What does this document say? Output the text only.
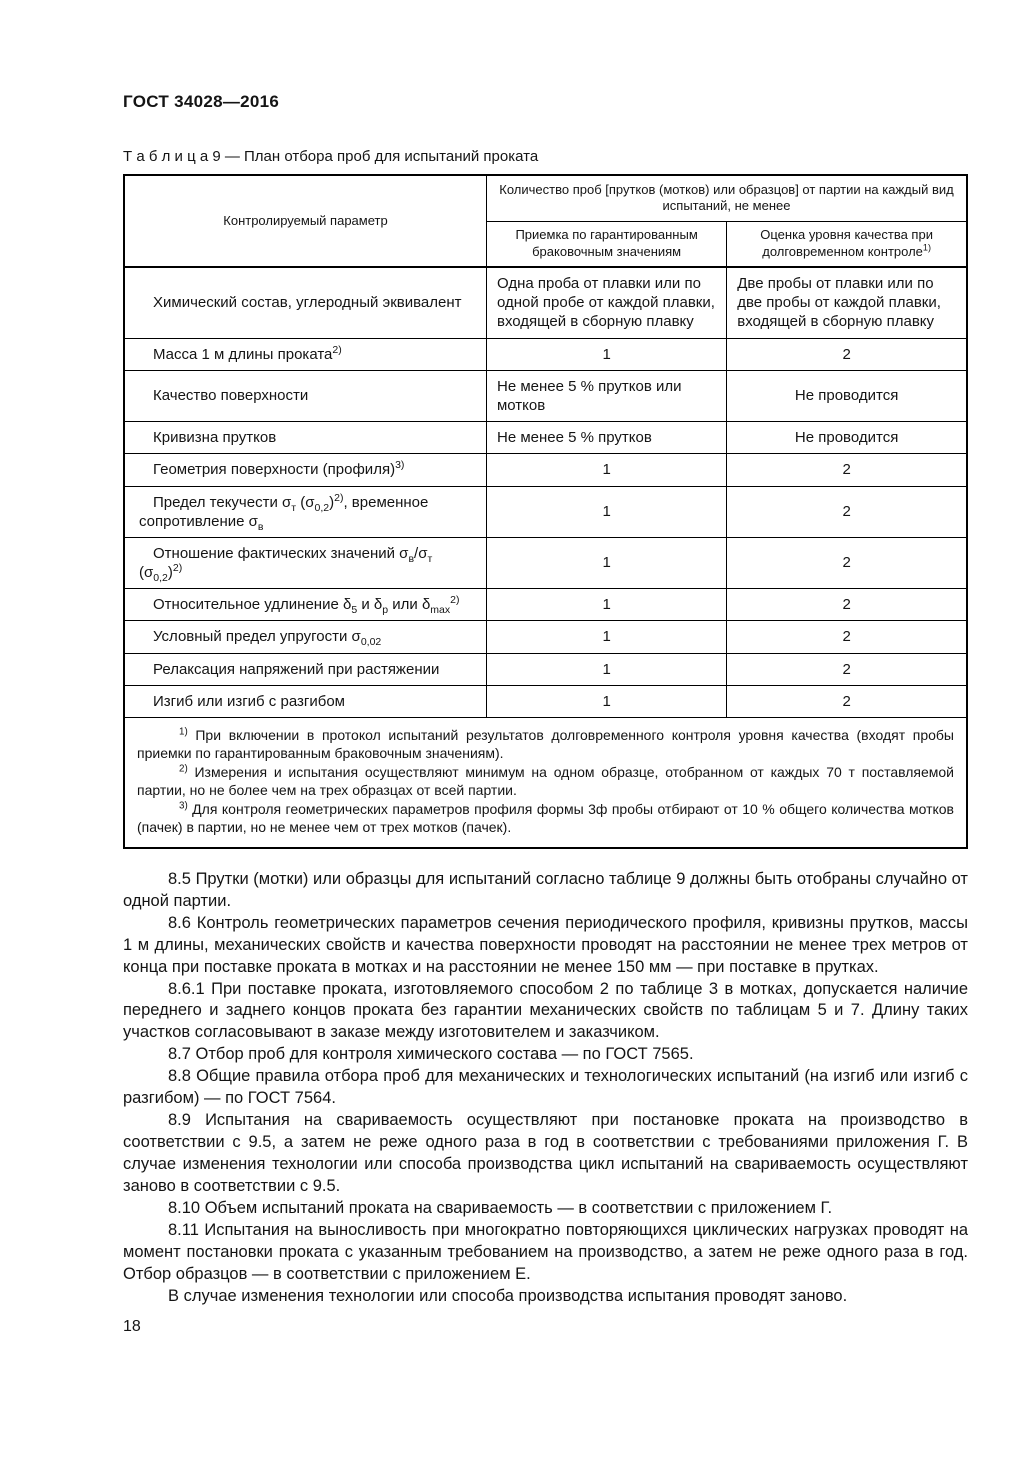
ГОСТ 34028—2016
Т а б л и ц а 9 — План отбора проб для испытаний проката
Контролируемый параметр	Количество проб [прутков (мотков) или образцов] от партии на каждый вид испытаний, не менее	
	Приемка по гарантированным браковочным значениям	Оценка уровня качества при долговременном контроле$^{1)}$
Химический состав, углеродный эквивалент	Одна проба от плавки или по одной пробе от каждой плавки, входящей в сборную плавку	Две пробы от плавки или по две пробы от каждой плавки, входящей в сборную плавку
Масса 1 м длины проката$^{2)}$	1	2
Качество поверхности	Не менее 5 % прутков или мотков	Не проводится
Кривизна прутков	Не менее 5 % прутков	Не проводится
Геометрия поверхности (профиля)$^{3)}$	1	2
Предел текучести $\sigma_т$ $(\sigma_{0,2})^{2)}$, временное сопротивление $\sigma_в$	1	2
Отношение фактических значений $\sigma_в/\sigma_т$ $(\sigma_{0,2})^{2)}$	1	2
Относительное удлинение $\delta_5$ и $\delta_р$ или $\delta_{max}^{2)}$	1	2
Условный предел упругости $\sigma_{0,02}$	1	2
Релаксация напряжений при растяжении	1	2
Изгиб или изгиб с разгибом	1	2

$^{1)}$ При включении в протокол испытаний результатов долговременного контроля уровня качества (входят пробы приемки по гарантированным браковочным значениям).

$^{2)}$ Измерения и испытания осуществляют минимум на одном образце, отобранном от каждых 70 т поставляемой партии, но не более чем на трех образцах от всей партии.

$^{3)}$ Для контроля геометрических параметров профиля формы 3ф пробы отбирают от 10 % общего количества мотков (пачек) в партии, но не менее чем от трех мотков (пачек).		

8.5 Прутки (мотки) или образцы для испытаний согласно таблице 9 должны быть отобраны случайно от одной партии.

8.6 Контроль геометрических параметров сечения периодического профиля, кривизны прутков, массы 1 м длины, механических свойств и качества поверхности проводят на расстоянии не менее трех метров от конца при поставке проката в мотках и на расстоянии не менее 150 мм — при поставке в прутках.

8.6.1 При поставке проката, изготовляемого способом 2 по таблице 3 в мотках, допускается наличие переднего и заднего концов проката без гарантии механических свойств по таблицам 5 и 7. Длину таких участков согласовывают в заказе между изготовителем и заказчиком.

8.7 Отбор проб для контроля химического состава — по ГОСТ 7565.

8.8 Общие правила отбора проб для механических и технологических испытаний (на изгиб или изгиб с разгибом) — по ГОСТ 7564.

8.9 Испытания на свариваемость осуществляют при постановке проката на производство в соответствии с 9.5, а затем не реже одного раза в год в соответствии с требованиями приложения Г. В случае изменения технологии или способа производства цикл испытаний на свариваемость осуществляют заново в соответствии с 9.5.

8.10 Объем испытаний проката на свариваемость — в соответствии с приложением Г.

8.11 Испытания на выносливость при многократно повторяющихся циклических нагрузках проводят на момент постановки проката с указанным требованием на производство, а затем не реже одного раза в год. Отбор образцов — в соответствии с приложением Е.

В случае изменения технологии или способа производства испытания проводят заново.

18
